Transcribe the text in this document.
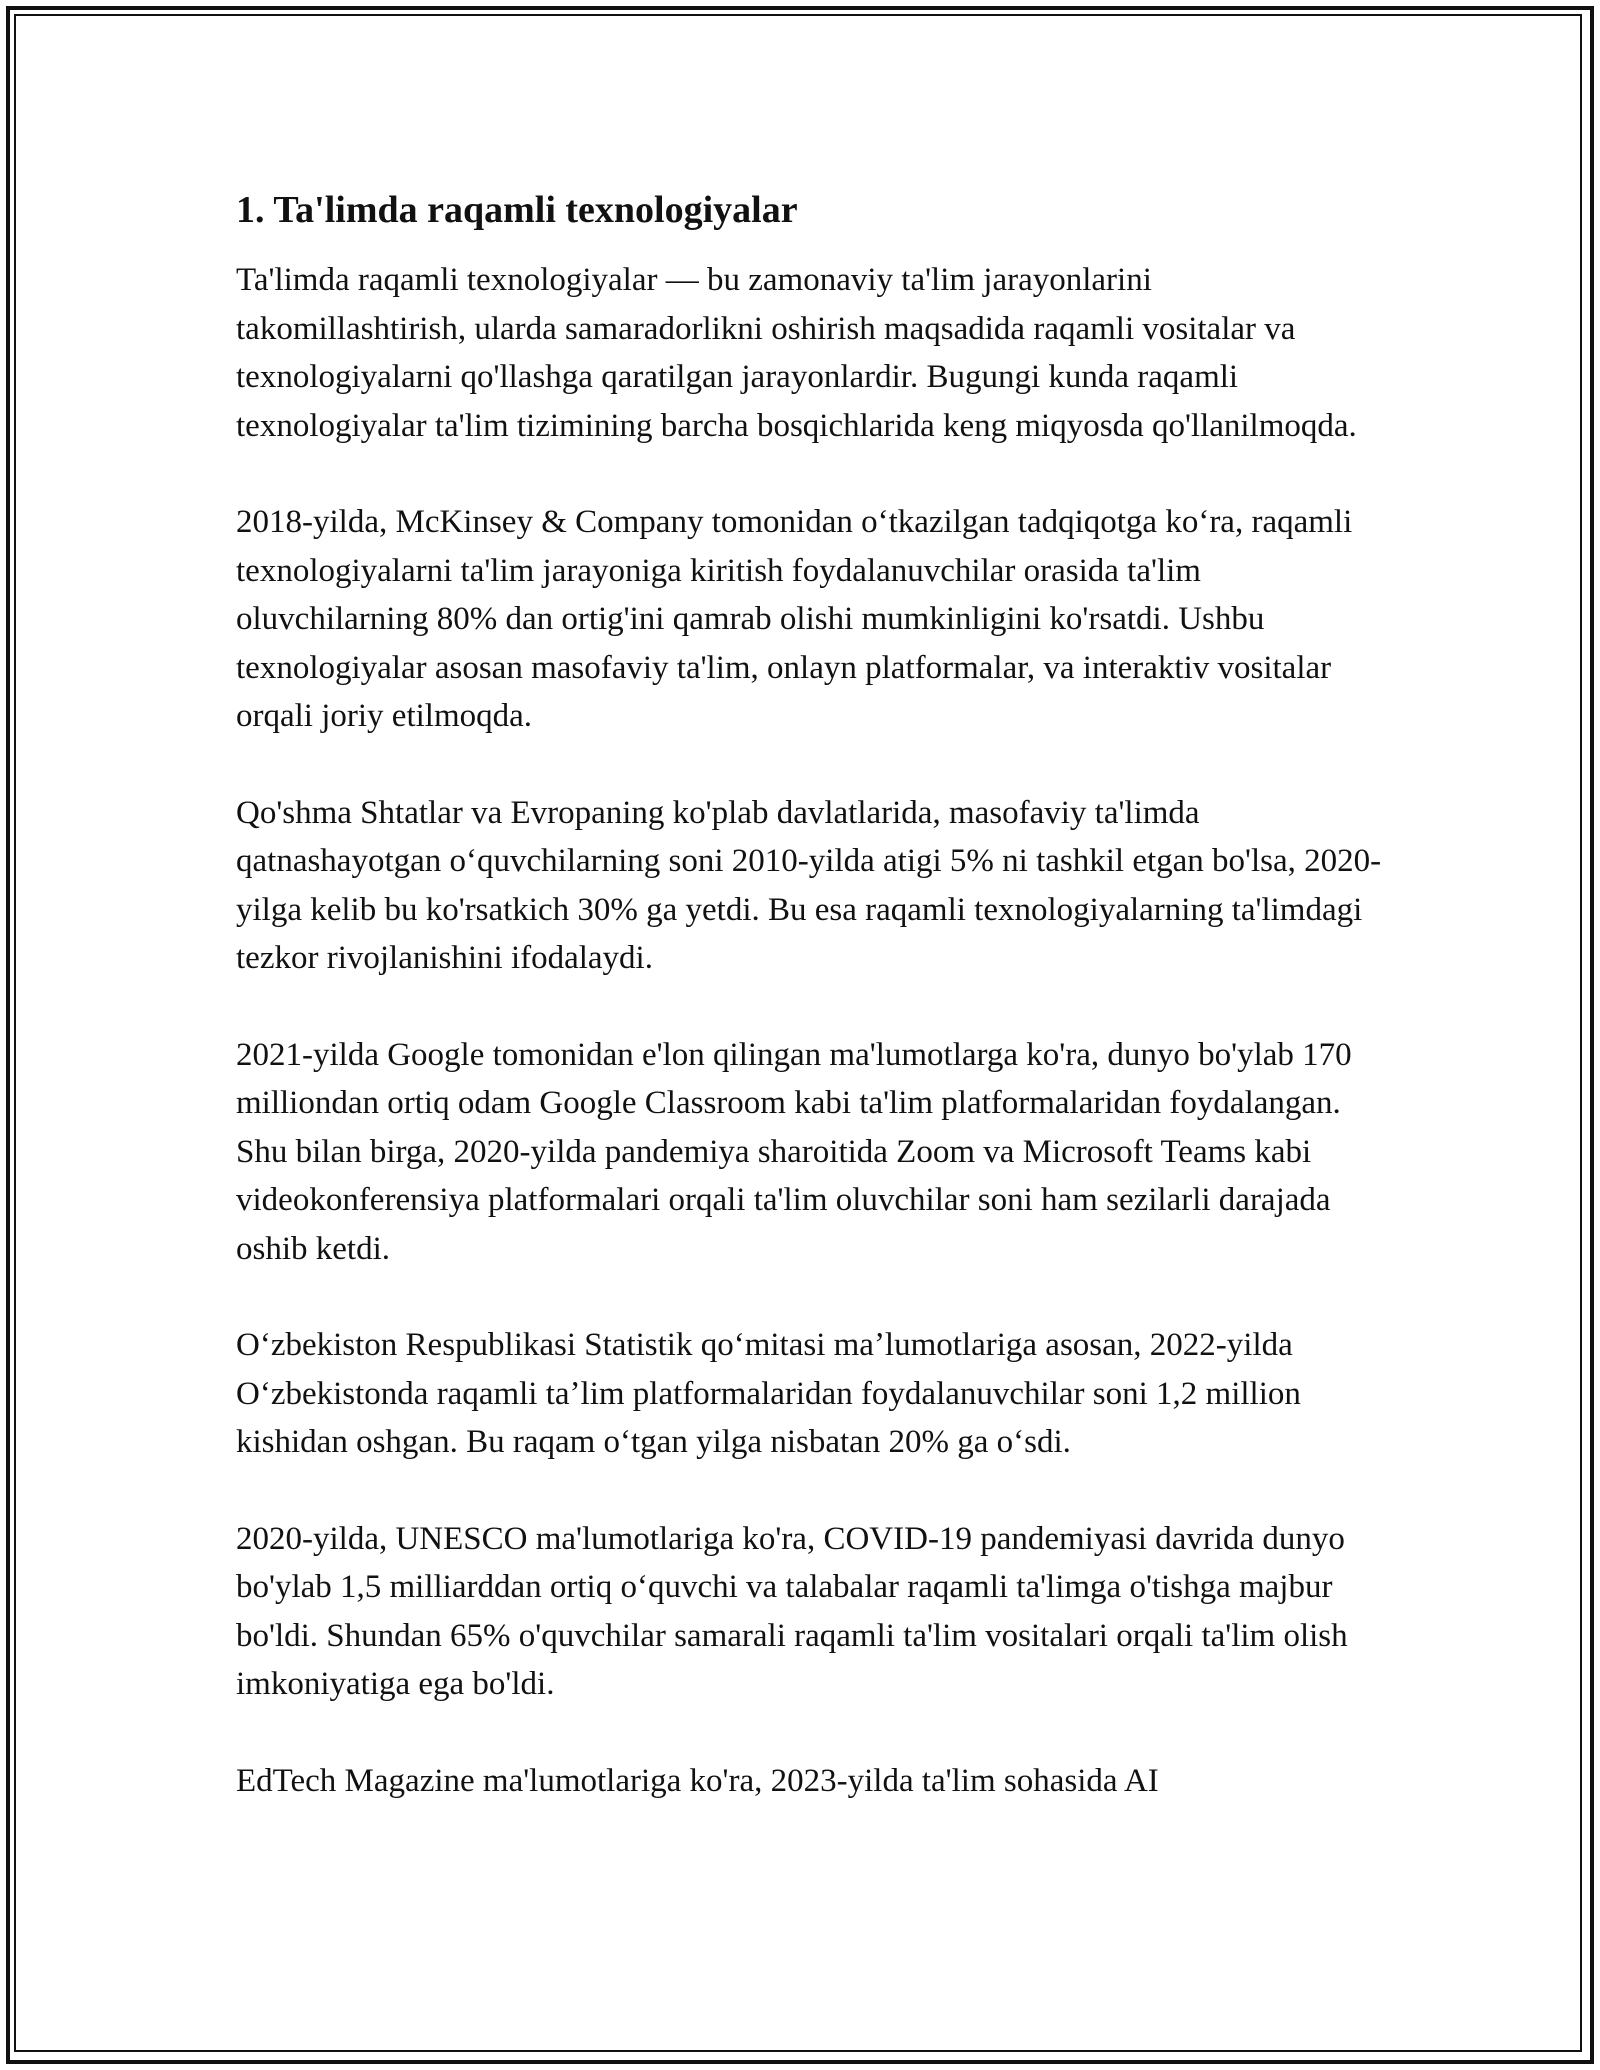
1. Ta'limda raqamli texnologiyalar

Ta'limda raqamli texnologiyalar — bu zamonaviy ta'lim jarayonlarini takomillashtirish, ularda samaradorlikni oshirish maqsadida raqamli vositalar va texnologiyalarni qo'llashga qaratilgan jarayonlardir. Bugungi kunda raqamli texnologiyalar ta'lim tizimining barcha bosqichlarida keng miqyosda qo'llanilmoqda.

2018-yilda, McKinsey & Company tomonidan oʻtkazilgan tadqiqotga koʻra, raqamli texnologiyalarni ta'lim jarayoniga kiritish foydalanuvchilar orasida ta'lim oluvchilarning 80% dan ortig'ini qamrab olishi mumkinligini ko'rsatdi. Ushbu texnologiyalar asosan masofaviy ta'lim, onlayn platformalar, va interaktiv vositalar orqali joriy etilmoqda.

Qo'shma Shtatlar va Evropaning ko'plab davlatlarida, masofaviy ta'limda qatnashayotgan oʻquvchilarning soni 2010-yilda atigi 5% ni tashkil etgan bo'lsa, 2020-yilga kelib bu ko'rsatkich 30% ga yetdi. Bu esa raqamli texnologiyalarning ta'limdagi tezkor rivojlanishini ifodalaydi.

2021-yilda Google tomonidan e'lon qilingan ma'lumotlarga ko'ra, dunyo bo'ylab 170 milliondan ortiq odam Google Classroom kabi ta'lim platformalaridan foydalangan. Shu bilan birga, 2020-yilda pandemiya sharoitida Zoom va Microsoft Teams kabi videokonferensiya platformalari orqali ta'lim oluvchilar soni ham sezilarli darajada oshib ketdi.

Oʻzbekiston Respublikasi Statistik qoʻmitasi maʼlumotlariga asosan, 2022-yilda Oʻzbekistonda raqamli taʼlim platformalaridan foydalanuvchilar soni 1,2 million kishidan oshgan. Bu raqam oʻtgan yilga nisbatan 20% ga oʻsdi.

2020-yilda, UNESCO ma'lumotlariga ko'ra, COVID-19 pandemiyasi davrida dunyo bo'ylab 1,5 milliarddan ortiq oʻquvchi va talabalar raqamli ta'limga o'tishga majbur bo'ldi. Shundan 65% o'quvchilar samarali raqamli ta'lim vositalari orqali ta'lim olish imkoniyatiga ega bo'ldi.

EdTech Magazine ma'lumotlariga ko'ra, 2023-yilda ta'lim sohasida AI
